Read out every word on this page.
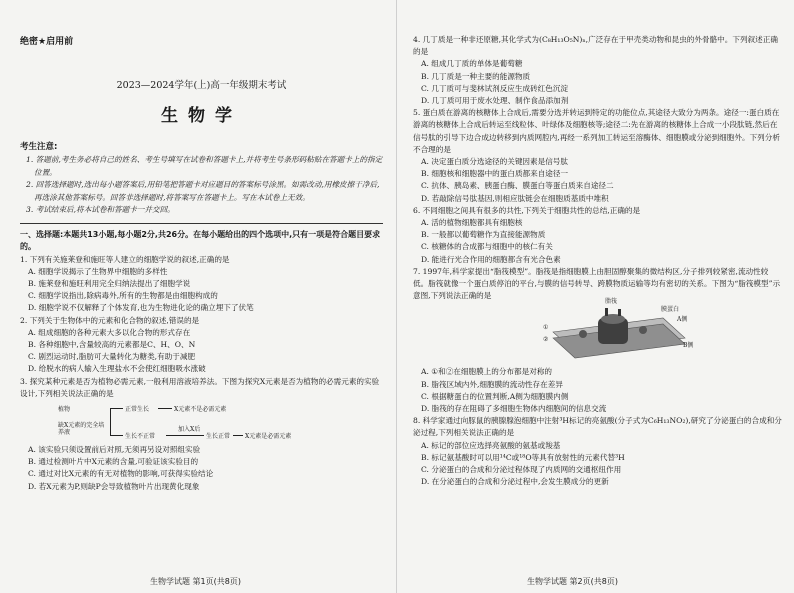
绝密★启用前
2023—2024学年(上)高一年级期末考试
生物学
考生注意:
1. 答题前,考生务必将自己的姓名、考生号填写在试卷和答题卡上,并将考生号条形码粘贴在答题卡上的指定位置。
2. 回答选择题时,选出每小题答案后,用铅笔把答题卡对应题目的答案标号涂黑。如需改动,用橡皮擦干净后,再选涂其他答案标号。回答非选择题时,将答案写在答题卡上。写在本试卷上无效。
3. 考试结束后,将本试卷和答题卡一并交回。
一、选择题:本题共13小题,每小题2分,共26分。在每小题给出的四个选项中,只有一项是符合题目要求的。
1. 下列有关施莱登和施旺等人建立的细胞学说的叙述,正确的是
A. 细胞学说揭示了生物界中细胞的多样性
B. 施莱登和施旺利用完全归纳法提出了细胞学说
C. 细胞学说指出,除病毒外,所有的生物都是由细胞构成的
D. 细胞学说不仅解释了个体发育,也为生物进化论的确立埋下了伏笔
2. 下列关于生物体中的元素和化合物的叙述,错误的是
A. 组成细胞的各种元素大多以化合物的形式存在
B. 各种细胞中,含量较高的元素都是C、H、O、N
C. 剧烈运动时,脂肪可大量转化为糖类,有助于减肥
D. 给脱水的病人输入生理盐水不会使红细胞吸水涨破
3. 探究某种元素是否为植物必需元素,一般利用溶液培养法。下图为探究X元素是否为植物的必需元素的实验设计,下列相关说法正确的是
植物
缺X元素的完全培养液
正常生长	X元素不是必需元素
生长不正常
加入X后
生长正常 X元素是必需元素
A. 该实验只须设置前后对照,无须再另设对照组实验
B. 通过检测叶片中X元素的含量,可验证该实验目的
C. 通过对比X元素的有无对植物的影响,可获得实验结论
D. 若X元素为P,则缺P会导致植物叶片出现黄化现象
生物学试题 第1页(共8页)
4. 几丁质是一种非还原糖,其化学式为(C₈H₁₃O₅N)ₙ,广泛存在于甲壳类动物和昆虫的外骨骼中。下列叙述正确的是
A. 组成几丁质的单体是葡萄糖
B. 几丁质是一种主要的能源物质
C. 几丁质可与斐林试剂反应生成砖红色沉淀
D. 几丁质可用于废水处理、制作食品添加剂
5. 蛋白质在游离的核糖体上合成后,需要分选并转运到特定的功能位点,其途径大致分为两条。途径一:蛋白质在游离的核糖体上合成后转运至线粒体、叶绿体及细胞核等;途径二:先在游离的核糖体上合成一小段肽链,然后在信号肽的引导下边合成边转移到内质网腔内,再经一系列加工转运至溶酶体、细胞膜或分泌到细胞外。下列分析不合理的是
A. 决定蛋白质分选途径的关键因素是信号肽
B. 细胞核和细胞器中的蛋白质都来自途径一
C. 抗体、胰岛素、胰蛋白酶、膜蛋白等蛋白质来自途径二
D. 若敲除信号肽基因,则相应肽链会在细胞质基质中堆积
6. 不同细胞之间具有很多的共性,下列关于细胞共性的总结,正确的是
A. 活的植物细胞都具有细胞核
B. 一般都以葡萄糖作为直接能源物质
C. 核糖体的合成都与细胞中的核仁有关
D. 能进行光合作用的细胞都含有光合色素
7. 1997年,科学家提出“脂筏模型”。脂筏是指细胞膜上由胆固醇聚集的微结构区,分子排列较紧密,流动性较低。脂筏就像一个蛋白质停泊的平台,与膜的信号转导、跨膜物质运输等均有密切的关系。下图为“脂筏模型”示意图,下列说法正确的是
脂筏
膜蛋白
A侧
B侧
①
②
A. ①和②在细胞膜上的分布都是对称的
B. 脂筏区域内外,细胞膜的流动性存在差异
C. 根据糖蛋白的位置判断,A侧为细胞膜内侧
D. 脂筏的存在阻碍了多细胞生物体内细胞间的信息交流
8. 科学家通过向豚鼠的胰腺腺泡细胞中注射³H标记的亮氨酸(分子式为C₆H₁₃NO₂),研究了分泌蛋白的合成和分泌过程,下列相关说法正确的是
A. 标记的部位应选择亮氨酸的氨基或羧基
B. 标记氨基酸时可以用¹⁴C或¹⁸O等具有放射性的元素代替³H
C. 分泌蛋白的合成和分泌过程体现了内质网的交通枢纽作用
D. 在分泌蛋白的合成和分泌过程中,会发生膜成分的更新
生物学试题 第2页(共8页)
